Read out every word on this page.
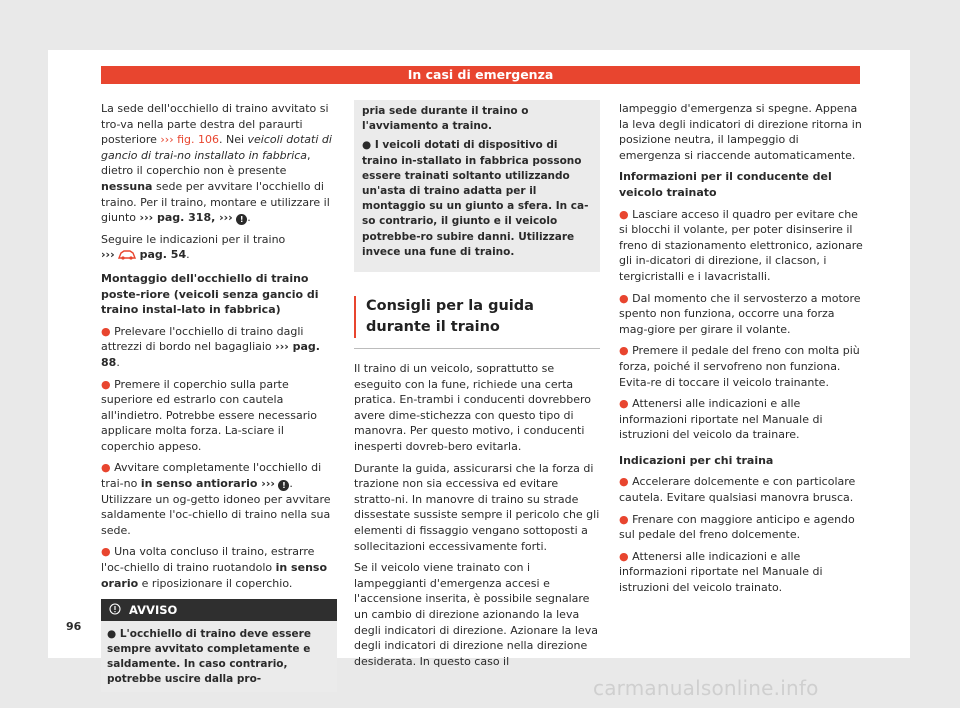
In casi di emergenza

La sede dell'occhiello di traino avvitato si tro-va nella parte destra del paraurti posteriore ››› fig. 106. Nei veicoli dotati di gancio di trai-no installato in fabbrica, dietro il coperchio non è presente nessuna sede per avvitare l'occhiello di traino. Per il traino, montare e utilizzare il giunto ››› pag. 318, ››› ! .

Seguire le indicazioni per il traino
››› pag. 54.

Montaggio dell'occhiello di traino poste-riore (veicoli senza gancio di traino instal-lato in fabbrica)
● Prelevare l'occhiello di traino dagli attrezzi di bordo nel bagagliaio ››› pag. 88.
● Premere il coperchio sulla parte superiore ed estrarlo con cautela all'indietro. Potrebbe essere necessario applicare molta forza. La-sciare il coperchio appeso.
● Avvitare completamente l'occhiello di trai-no in senso antiorario ››› ! . Utilizzare un og-getto idoneo per avvitare saldamente l'oc-chiello di traino nella sua sede.
● Una volta concluso il traino, estrarre l'oc-chiello di traino ruotandolo in senso orario e riposizionare il coperchio.
AVVISO
● L'occhiello di traino deve essere sempre avvitato completamente e saldamente. In caso contrario, potrebbe uscire dalla pro-
pria sede durante il traino o l'avviamento a traino.
● I veicoli dotati di dispositivo di traino in-stallato in fabbrica possono essere trainati soltanto utilizzando un'asta di traino adatta per il montaggio su un giunto a sfera. In ca-so contrario, il giunto e il veicolo potrebbe-ro subire danni. Utilizzare invece una fune di traino.
Consigli per la guida durante il traino

Il traino di un veicolo, soprattutto se eseguito con la fune, richiede una certa pratica. En-trambi i conducenti dovrebbero avere dime-stichezza con questo tipo di manovra. Per questo motivo, i conducenti inesperti dovreb-bero evitarla.

Durante la guida, assicurarsi che la forza di trazione non sia eccessiva ed evitare stratto-ni. In manovre di traino su strade dissestate sussiste sempre il pericolo che gli elementi di fissaggio vengano sottoposti a sollecitazioni eccessivamente forti.

Se il veicolo viene trainato con i lampeggianti d'emergenza accesi e l'accensione inserita, è possibile segnalare un cambio di direzione azionando la leva degli indicatori di direzione. Azionare la leva degli indicatori di direzione nella direzione desiderata. In questo caso il

lampeggio d'emergenza si spegne. Appena la leva degli indicatori di direzione ritorna in posizione neutra, il lampeggio di emergenza si riaccende automaticamente.

Informazioni per il conducente del veicolo trainato
● Lasciare acceso il quadro per evitare che si blocchi il volante, per poter disinserire il freno di stazionamento elettronico, azionare gli in-dicatori di direzione, il clacson, i tergicristalli e i lavacristalli.
● Dal momento che il servosterzo a motore spento non funziona, occorre una forza mag-giore per girare il volante.
● Premere il pedale del freno con molta più forza, poiché il servofreno non funziona. Evita-re di toccare il veicolo trainante.
● Attenersi alle indicazioni e alle informazioni riportate nel Manuale di istruzioni del veicolo da trainare.
Indicazioni per chi traina
● Accelerare dolcemente e con particolare cautela. Evitare qualsiasi manovra brusca.
● Frenare con maggiore anticipo e agendo sul pedale del freno dolcemente.
● Attenersi alle indicazioni e alle informazioni riportate nel Manuale di istruzioni del veicolo trainato.
96
carmanualsonline.info
